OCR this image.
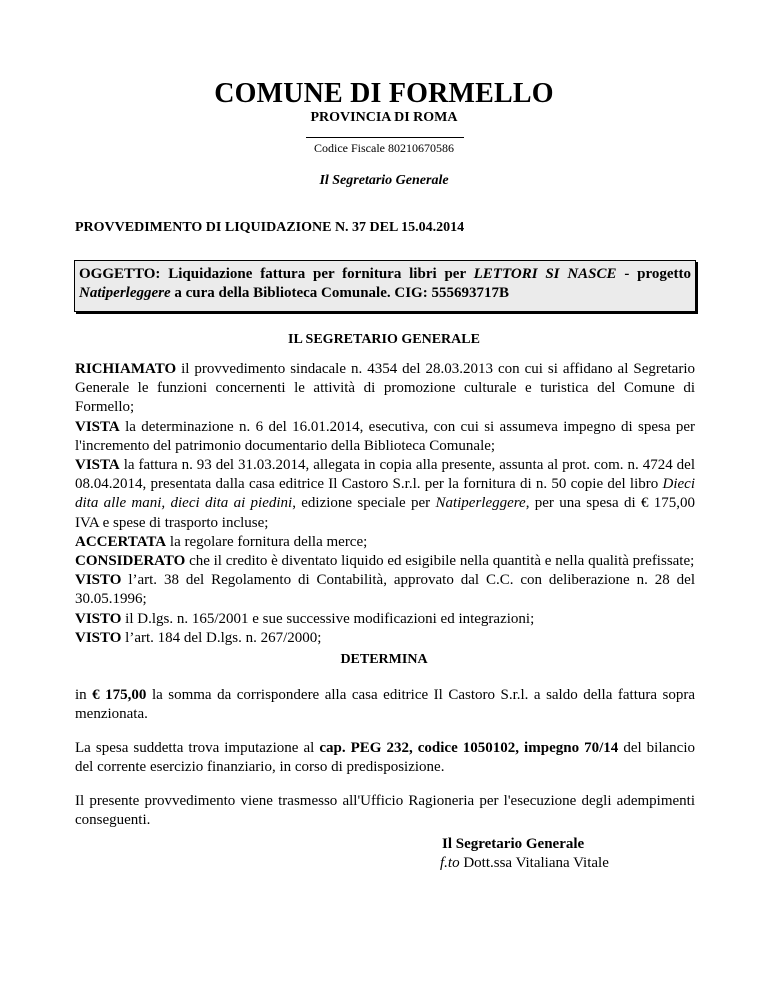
COMUNE DI FORMELLO
PROVINCIA DI ROMA
Codice Fiscale 80210670586
Il Segretario Generale
PROVVEDIMENTO DI LIQUIDAZIONE N. 37 DEL 15.04.2014
OGGETTO: Liquidazione fattura per fornitura libri per LETTORI SI NASCE - progetto Natiperleggere a cura della Biblioteca Comunale. CIG: 555693717B
IL SEGRETARIO GENERALE

RICHIAMATO il provvedimento sindacale n. 4354 del 28.03.2013 con cui si affidano al Segretario Generale le funzioni concernenti le attività di promozione culturale e turistica del Comune di Formello;

VISTA la determinazione n. 6 del 16.01.2014, esecutiva, con cui si assumeva impegno di spesa per l'incremento del patrimonio documentario della Biblioteca Comunale;

VISTA la fattura n. 93 del 31.03.2014, allegata in copia alla presente, assunta al prot. com. n. 4724 del 08.04.2014, presentata dalla casa editrice Il Castoro S.r.l. per la fornitura di n. 50 copie del libro Dieci dita alle mani, dieci dita ai piedini, edizione speciale per Natiperleggere, per una spesa di € 175,00 IVA e spese di trasporto incluse;

ACCERTATA la regolare fornitura della merce;

CONSIDERATO che il credito è diventato liquido ed esigibile nella quantità e nella qualità prefissate;

VISTO l’art. 38 del Regolamento di Contabilità, approvato dal C.C. con deliberazione n. 28 del 30.05.1996;

VISTO il D.lgs. n. 165/2001 e sue successive modificazioni ed integrazioni;

VISTO l’art. 184 del D.lgs. n. 267/2000;

DETERMINA
in € 175,00 la somma da corrispondere alla casa editrice Il Castoro S.r.l. a saldo della fattura sopra menzionata.
La spesa suddetta trova imputazione al cap. PEG 232, codice 1050102, impegno 70/14 del bilancio del corrente esercizio finanziario, in corso di predisposizione.
Il presente provvedimento viene trasmesso all'Ufficio Ragioneria per l'esecuzione degli adempimenti conseguenti.
Il Segretario Generale
f.to Dott.ssa Vitaliana Vitale
